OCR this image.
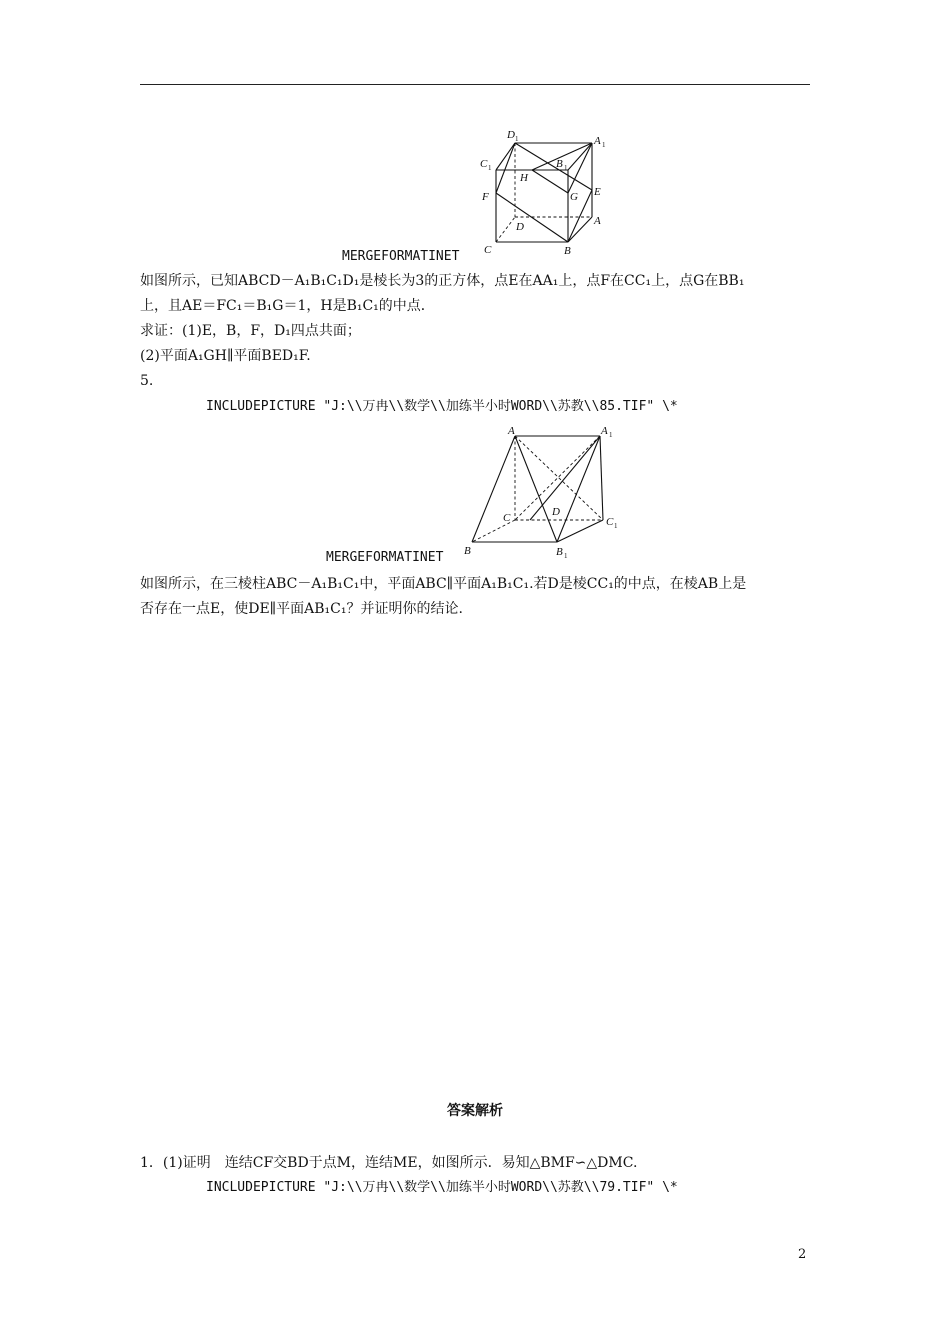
D 1	A 1
C 1	B 1
H
F	E
G
D	A
C	B
MERGEFORMATINET
如图所示，已知ABCD－A₁B₁C₁D₁是棱长为3的正方体，点E在AA₁上，点F在CC₁上，点G在BB₁
上，且AE＝FC₁＝B₁G＝1，H是B₁C₁的中点．
求证：(1)E，B，F，D₁四点共面；
(2)平面A₁GH∥平面BED₁F.
5.
INCLUDEPICTURE "J:\\万冉\\数学\\加练半小时WORD\\苏教\\85.TIF" \*
A	A 1
C	D
C 1
B	B 1
MERGEFORMATINET
如图所示，在三棱柱ABC－A₁B₁C₁中，平面ABC∥平面A₁B₁C₁.若D是棱CC₁的中点，在棱AB上是
否存在一点E，使DE∥平面AB₁C₁？并证明你的结论.
答案解析
1．(1)证明　连结CF交BD于点M，连结ME，如图所示．易知△BMF∽△DMC.
INCLUDEPICTURE "J:\\万冉\\数学\\加练半小时WORD\\苏教\\79.TIF" \*
2
